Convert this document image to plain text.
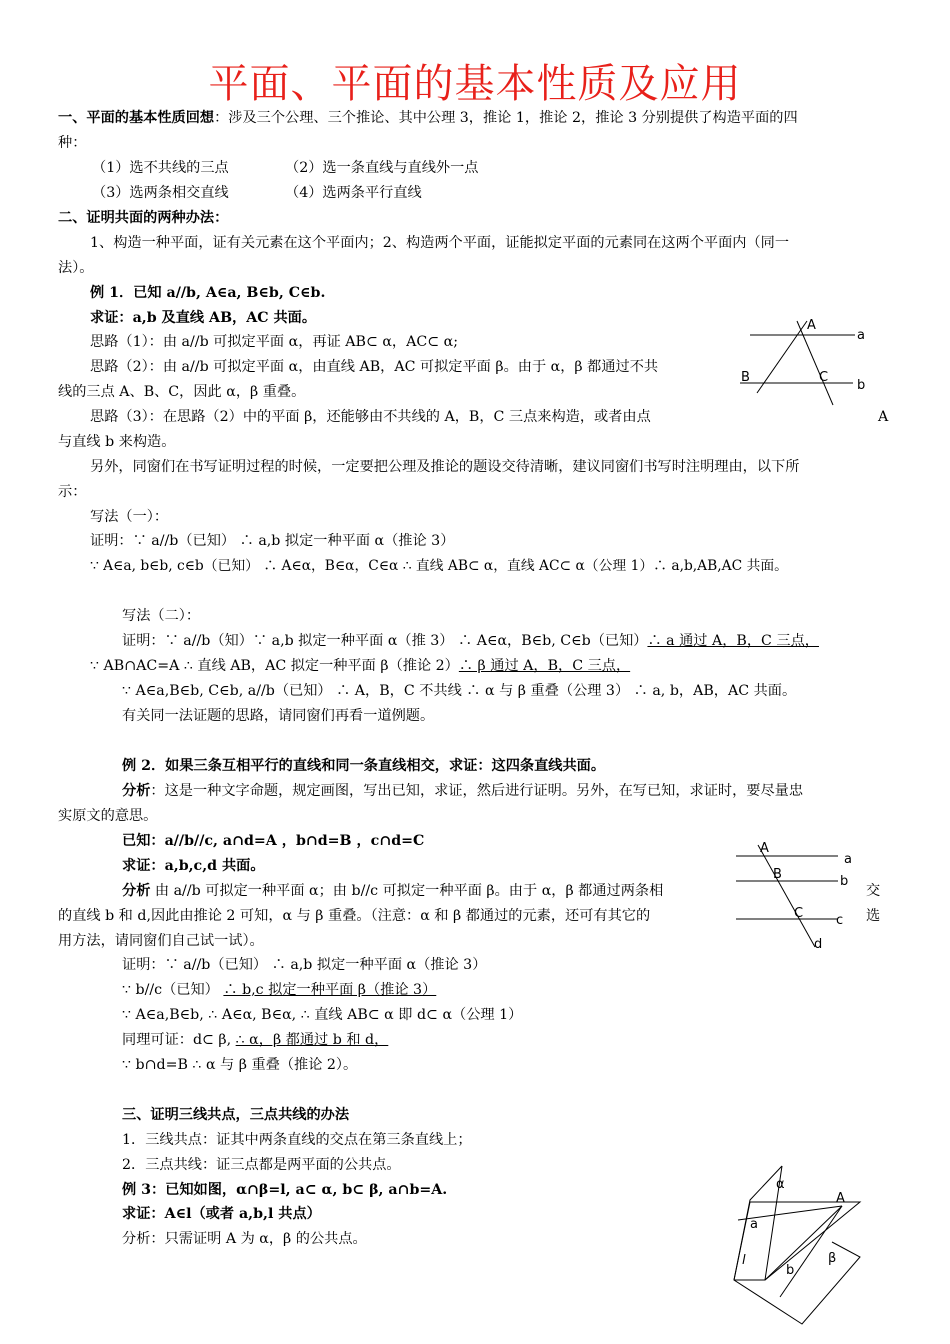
平面、平面的基本性质及应用
一、平面的基本性质回想：涉及三个公理、三个推论、其中公理 3，推论 1，推论 2，推论 3 分别提供了构造平面的四
种：
（1）选不共线的三点	（2）选一条直线与直线外一点
（3）选两条相交直线	（4）选两条平行直线
二、证明共面的两种办法：
1、构造一种平面，证有关元素在这个平面内；2、构造两个平面，证能拟定平面的元素同在这两个平面内（同一
法）。
例 1．已知 a//b, A∈a, B∈b, C∈b.
求证：a,b 及直线 AB，AC 共面。
思路（1）：由 a//b 可拟定平面 α，再证 AB⊂ α，AC⊂ α;
思路（2）：由 a//b 可拟定平面 α，由直线 AB，AC 可拟定平面 β。由于 α，β 都通过不共
线的三点 A、B、C，因此 α，β 重叠。
思路（3）：在思路（2）中的平面 β，还能够由不共线的 A，B，C 三点来构造，或者由点	A
与直线 b 来构造。
另外，同窗们在书写证明过程的时候，一定要把公理及推论的题设交待清晰，建议同窗们书写时注明理由，以下所
示：
写法（一）：
证明：∵ a//b（已知） ∴ a,b 拟定一种平面 α（推论 3）
∵ A∈a, b∈b, c∈b（已知） ∴ A∈α，B∈α，C∈α ∴ 直线 AB⊂ α，直线 AC⊂ α（公理 1）∴ a,b,AB,AC 共面。
写法（二）：
证明：∵ a//b（知）∵ a,b 拟定一种平面 α（推 3） ∴ A∈α，B∈b, C∈b（已知）∴ a 通过 A，B，C 三点，
∵ AB∩AC=A ∴ 直线 AB，AC 拟定一种平面 β（推论 2）∴ β 通过 A，B，C 三点，
∵ A∈a,B∈b, C∈b, a//b（已知） ∴ A，B，C 不共线 ∴ α 与 β 重叠（公理 3） ∴ a, b，AB，AC 共面。
有关同一法证题的思路，请同窗们再看一道例题。
例 2．如果三条互相平行的直线和同一条直线相交，求证：这四条直线共面。
分析：这是一种文字命题，规定画图，写出已知，求证，然后进行证明。另外，在写已知，求证时，要尽量忠
实原文的意思。
已知：a//b//c, a∩d=A ，b∩d=B ，c∩d=C
求证：a,b,c,d 共面。
分析 由 a//b 可拟定一种平面 α；由 b//c 可拟定一种平面 β。由于 α，β 都通过两条相	交
的直线 b 和 d,因此由推论 2 可知，α 与 β 重叠。（注意：α 和 β 都通过的元素，还可有其它的	选
用方法，请同窗们自己试一试）。
证明：∵ a//b（已知） ∴ a,b 拟定一种平面 α（推论 3）
∵ b//c（已知） ∴ b,c 拟定一种平面 β（推论 3）
∵ A∈a,B∈b, ∴ A∈α, B∈α, ∴ 直线 AB⊂ α 即 d⊂ α（公理 1）
同理可证：d⊂ β, ∴ α，β 都通过 b 和 d，
∵ b∩d=B ∴ α 与 β 重叠（推论 2）。
三、证明三线共点，三点共线的办法
1．三线共点：证其中两条直线的交点在第三条直线上；
2．三点共线：证三点都是两平面的公共点。
例 3：已知如图，α∩β=l, a⊂ α, b⊂ β, a∩b=A.
求证：A∈l（或者 a,b,l 共点）
分析：只需证明 A 为 α，β 的公共点。
A
a
B	C
b
A
a
B	b
C	c
d
α
A
a
l
b
β
